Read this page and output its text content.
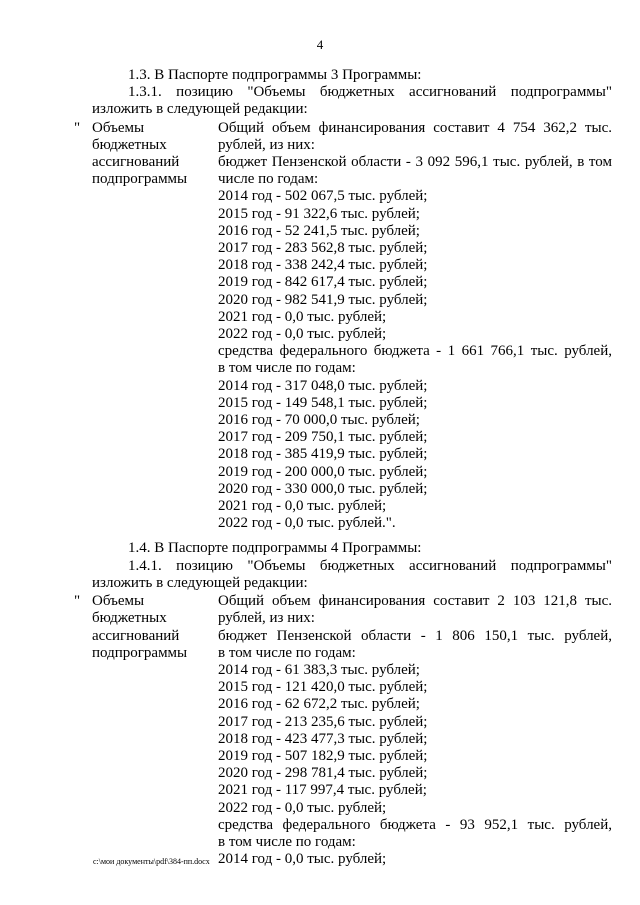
4

1.3. В Паспорте подпрограммы 3 Программы:

1.3.1. позицию "Объемы бюджетных ассигнований подпрограммы"

изложить в следующей редакции:

" Объемы
бюджетных
ассигнований
подпрограммы
Общий объем финансирования составит 4 754 362,2 тыс.
рублей, из них:
бюджет Пензенской области - 3 092 596,1 тыс. рублей, в том
числе по годам:
2014 год - 502 067,5 тыс. рублей;
2015 год - 91 322,6 тыс. рублей;
2016 год - 52 241,5 тыс. рублей;
2017 год - 283 562,8 тыс. рублей;
2018 год - 338 242,4 тыс. рублей;
2019 год - 842 617,4 тыс. рублей;
2020 год - 982 541,9 тыс. рублей;
2021 год - 0,0 тыс. рублей;
2022 год - 0,0 тыс. рублей;
средства федерального бюджета - 1 661 766,1 тыс. рублей,
в том числе по годам:
2014 год - 317 048,0 тыс. рублей;
2015 год - 149 548,1 тыс. рублей;
2016 год - 70 000,0 тыс. рублей;
2017 год - 209 750,1 тыс. рублей;
2018 год - 385 419,9 тыс. рублей;
2019 год - 200 000,0 тыс. рублей;
2020 год - 330 000,0 тыс. рублей;
2021 год - 0,0 тыс. рублей;
2022 год - 0,0 тыс. рублей.".

1.4. В Паспорте подпрограммы 4 Программы:

1.4.1. позицию "Объемы бюджетных ассигнований подпрограммы"

изложить в следующей редакции:

" Объемы
бюджетных
ассигнований
подпрограммы
Общий объем финансирования составит 2 103 121,8 тыс.
рублей, из них:
бюджет Пензенской области - 1 806 150,1 тыс. рублей,
в том числе по годам:
2014 год - 61 383,3 тыс. рублей;
2015 год - 121 420,0 тыс. рублей;
2016 год - 62 672,2 тыс. рублей;
2017 год - 213 235,6 тыс. рублей;
2018 год - 423 477,3 тыс. рублей;
2019 год - 507 182,9 тыс. рублей;
2020 год - 298 781,4 тыс. рублей;
2021 год - 117 997,4 тыс. рублей;
2022 год - 0,0 тыс. рублей;
средства федерального бюджета - 93 952,1 тыс. рублей,
в том числе по годам:
2014 год - 0,0 тыс. рублей;
c:\мои документы\pdf\384-пп.docx
